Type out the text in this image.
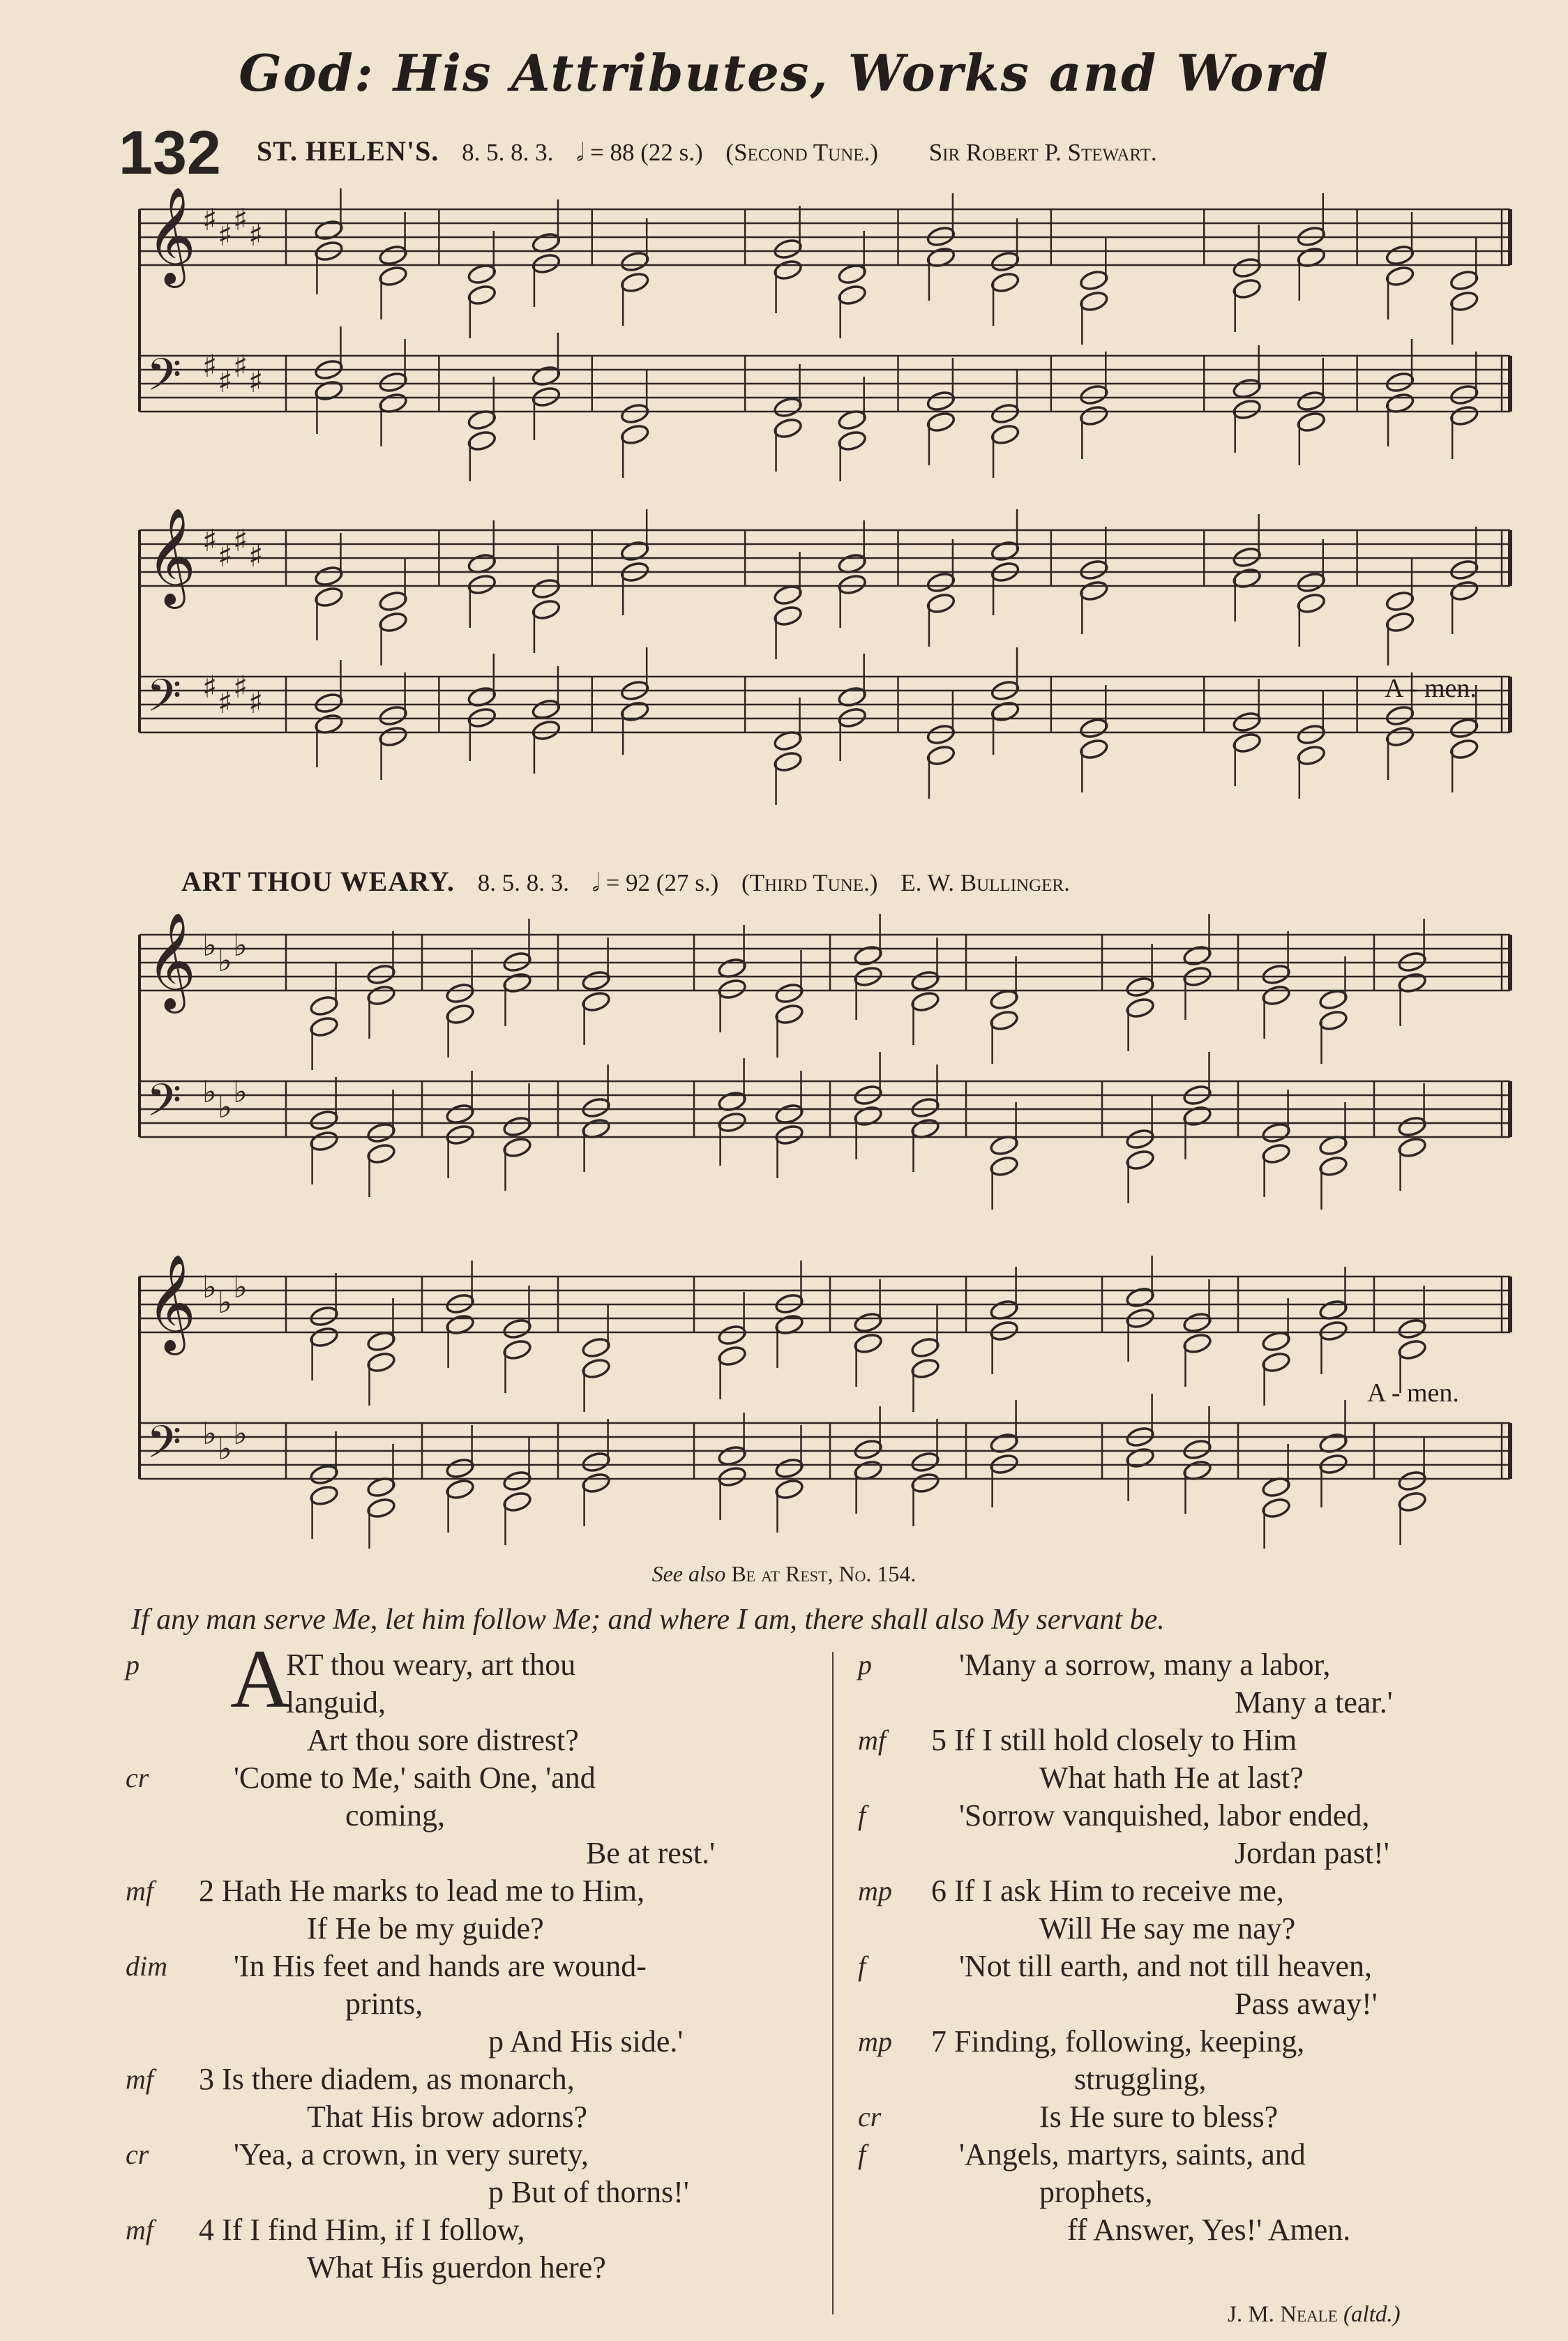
God: His Attributes, Works and Word
132 ST. HELEN'S. 8. 5. 8. 3. 𝅗𝅥 = 88 (22 s.) (Second Tune.) Sir Robert P. Stewart.
𝄞 ♯ ♯ ♯ ♯
𝄢 ♯ ♯ ♯ ♯
𝄞 ♯ ♯ ♯ ♯
𝄢 ♯ ♯ ♯ ♯	A - men.
ART THOU WEARY. 8. 5. 8. 3. 𝅗𝅥 = 92 (27 s.) (Third Tune.) E. W. Bullinger.
𝄞 ♭ ♭ ♭
𝄢 ♭ ♭ ♭
𝄞 ♭ ♭ ♭
𝄢 ♭ ♭ ♭
A - men.
See also Be at Rest, No. 154.
If any man serve Me, let him follow Me; and where I am, there shall also My servant be.
p A
RT thou weary, art thou
languid,
Art thou sore distrest?
cr	'Come to Me,' saith One, 'and
coming,
Be at rest.'
mf 2 Hath He marks to lead me to Him,
If He be my guide?
dim 'In His feet and hands are wound-
prints,
p And His side.'
mf 3 Is there diadem, as monarch,
That His brow adorns?
cr	'Yea, a crown, in very surety,
p But of thorns!'
mf 4 If I find Him, if I follow,
What His guerdon here?
p	'Many a sorrow, many a labor,
Many a tear.'
mf 5 If I still hold closely to Him
What hath He at last?
f	'Sorrow vanquished, labor ended,
Jordan past!'
mp 6 If I ask Him to receive me,
Will He say me nay?
f	'Not till earth, and not till heaven,
Pass away!'
mp 7 Finding, following, keeping,
struggling,
cr	Is He sure to bless?
f	'Angels, martyrs, saints, and
prophets,
ff Answer, Yes!' Amen.
J. M. Neale (altd.)
